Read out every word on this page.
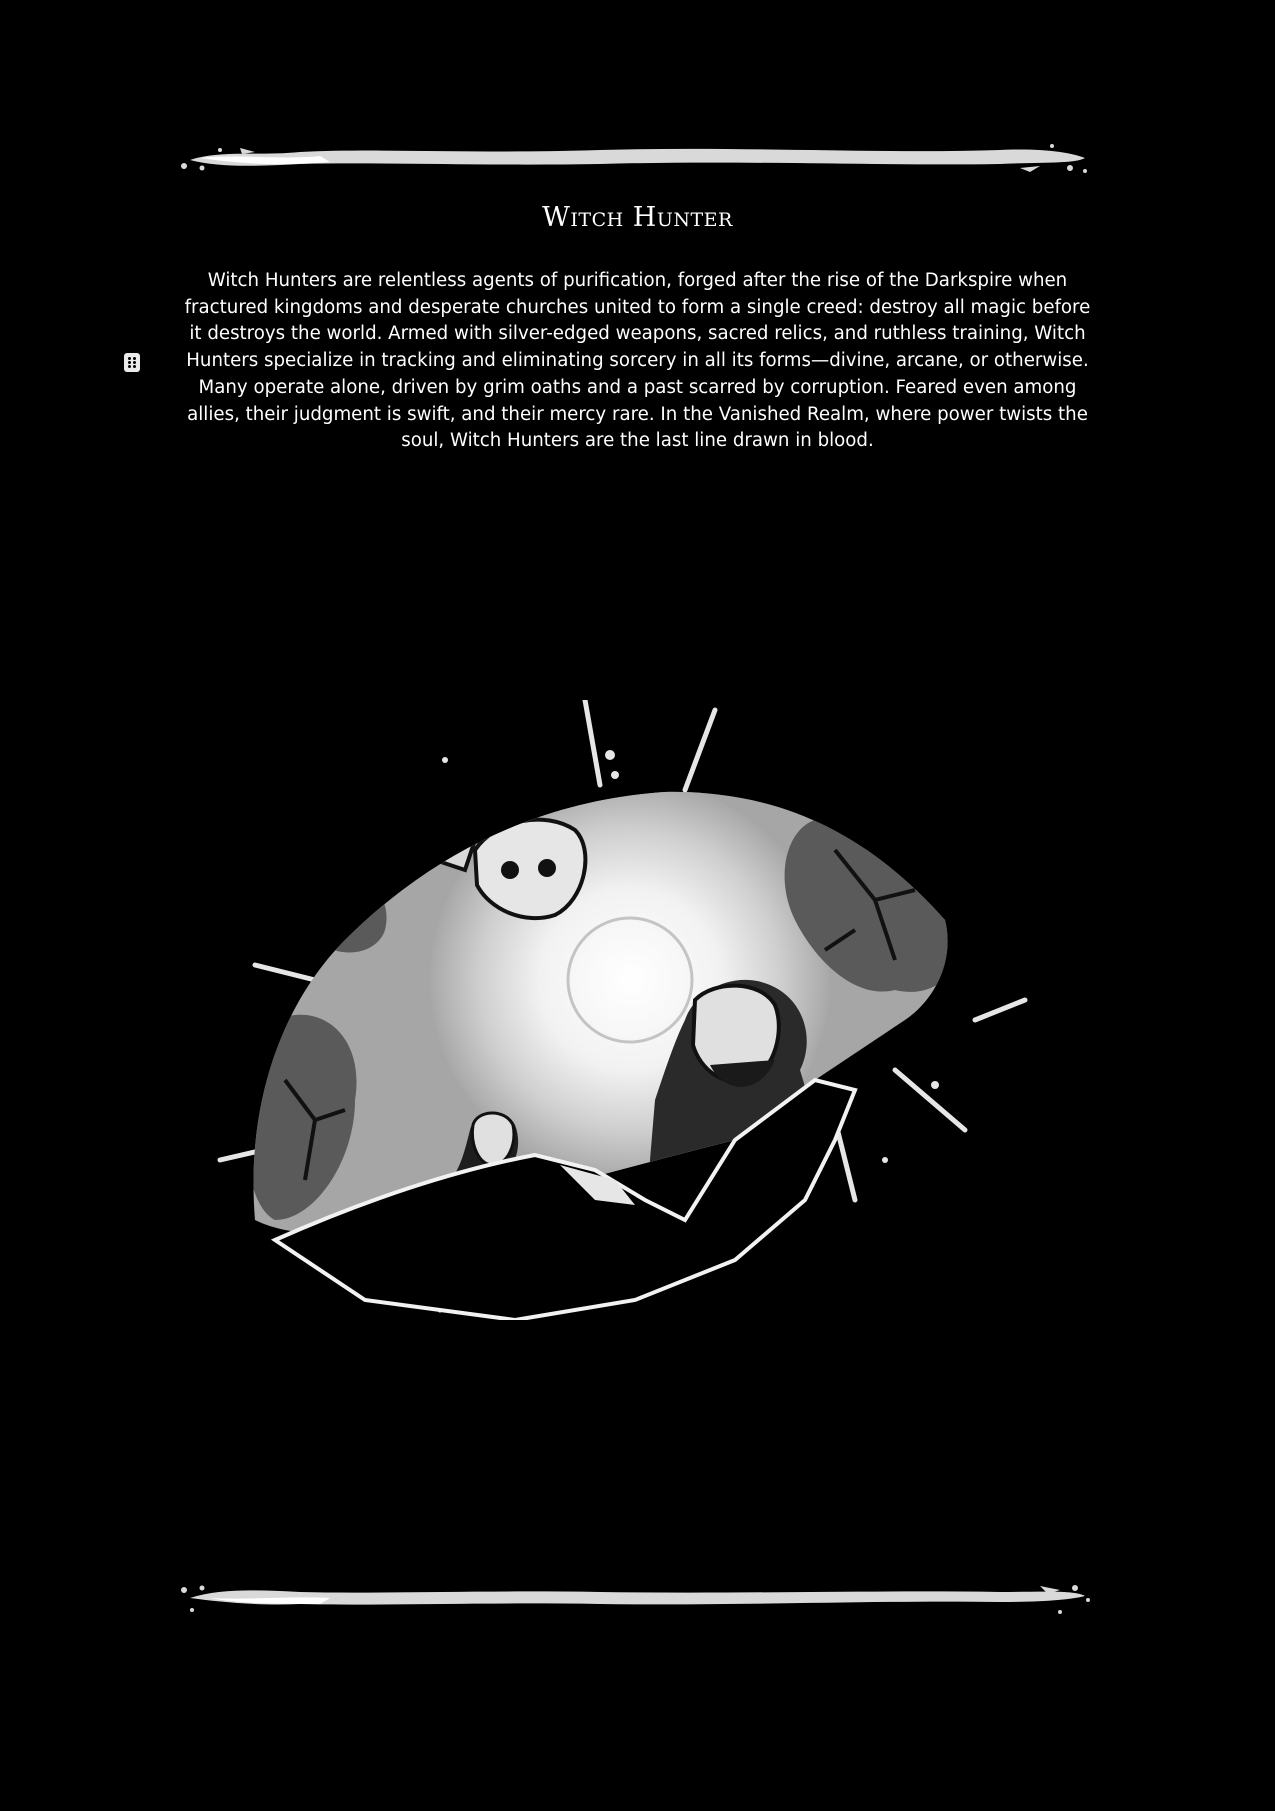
Witch Hunter

Witch Hunters are relentless agents of purification, forged after the rise of the Darkspire when fractured kingdoms and desperate churches united to form a single creed: destroy all magic before it destroys the world. Armed with silver-edged weapons, sacred relics, and ruthless training, Witch Hunters specialize in tracking and eliminating sorcery in all its forms—divine, arcane, or otherwise. Many operate alone, driven by grim oaths and a past scarred by corruption. Feared even among allies, their judgment is swift, and their mercy rare. In the Vanished Realm, where power twists the soul, Witch Hunters are the last line drawn in blood.
